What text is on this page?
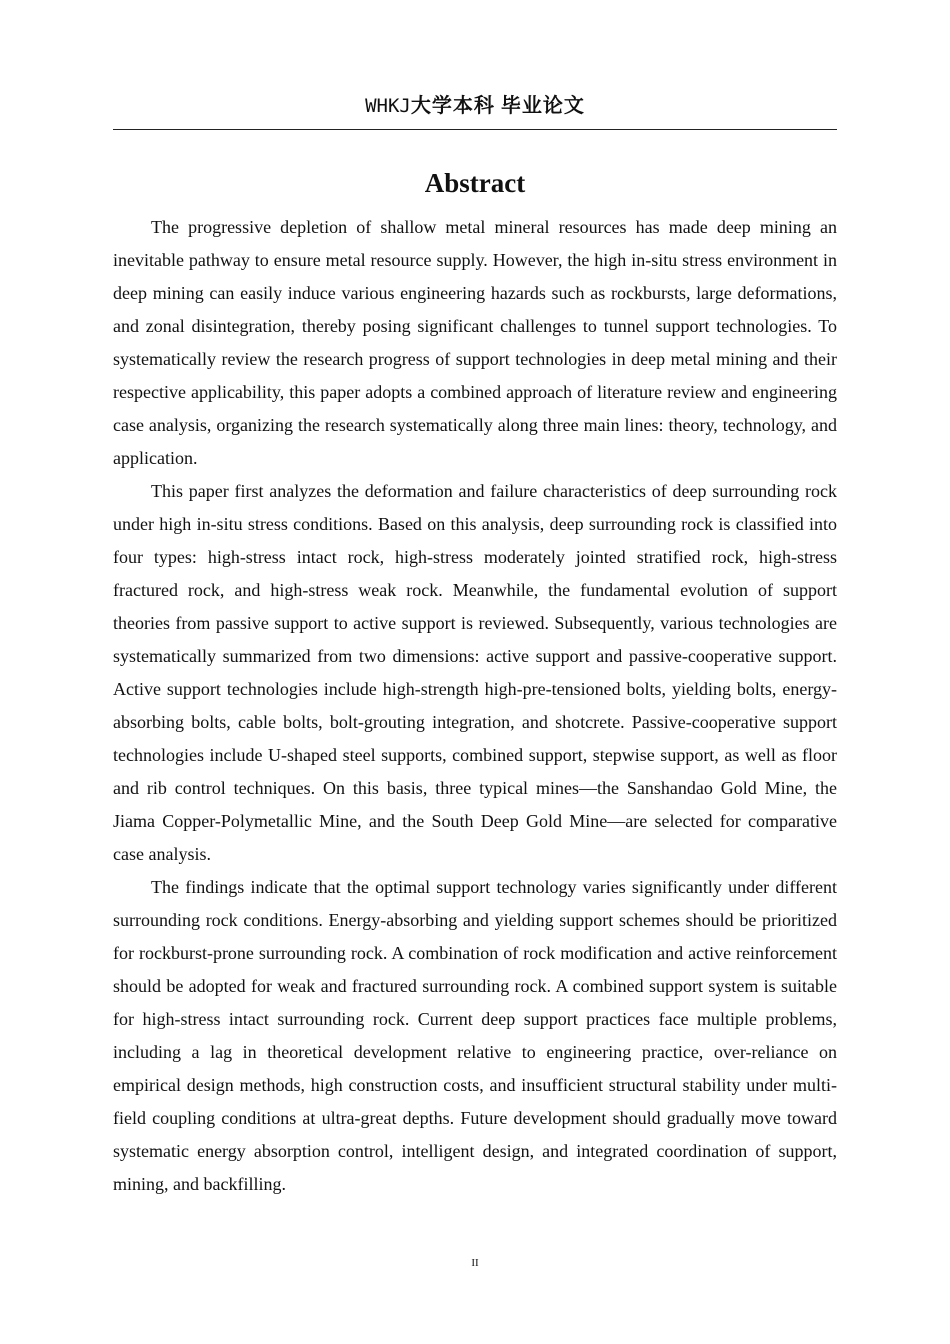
WHKJ大学本科 毕业论文
Abstract

The progressive depletion of shallow metal mineral resources has made deep mining an inevitable pathway to ensure metal resource supply. However, the high in-situ stress environment in deep mining can easily induce various engineering hazards such as rockbursts, large deformations, and zonal disintegration, thereby posing significant challenges to tunnel support technologies. To systematically review the research progress of support technologies in deep metal mining and their respective applicability, this paper adopts a combined approach of literature review and engineering case analysis, organizing the research systematically along three main lines: theory, technology, and application.

This paper first analyzes the deformation and failure characteristics of deep surrounding rock under high in-situ stress conditions. Based on this analysis, deep surrounding rock is classified into four types: high-stress intact rock, high-stress moderately jointed stratified rock, high-stress fractured rock, and high-stress weak rock. Meanwhile, the fundamental evolution of support theories from passive support to active support is reviewed. Subsequently, various technologies are systematically summarized from two dimensions: active support and passive-cooperative support. Active support technologies include high-strength high-pre-tensioned bolts, yielding bolts, energy-absorbing bolts, cable bolts, bolt-grouting integration, and shotcrete. Passive-cooperative support technologies include U-shaped steel supports, combined support, stepwise support, as well as floor and rib control techniques. On this basis, three typical mines—the Sanshandao Gold Mine, the Jiama Copper-Polymetallic Mine, and the South Deep Gold Mine—are selected for comparative case analysis.

The findings indicate that the optimal support technology varies significantly under different surrounding rock conditions. Energy-absorbing and yielding support schemes should be prioritized for rockburst-prone surrounding rock. A combination of rock modification and active reinforcement should be adopted for weak and fractured surrounding rock. A combined support system is suitable for high-stress intact surrounding rock. Current deep support practices face multiple problems, including a lag in theoretical development relative to engineering practice, over-reliance on empirical design methods, high construction costs, and insufficient structural stability under multi-field coupling conditions at ultra-great depths. Future development should gradually move toward systematic energy absorption control, intelligent design, and integrated coordination of support, mining, and backfilling.

II
